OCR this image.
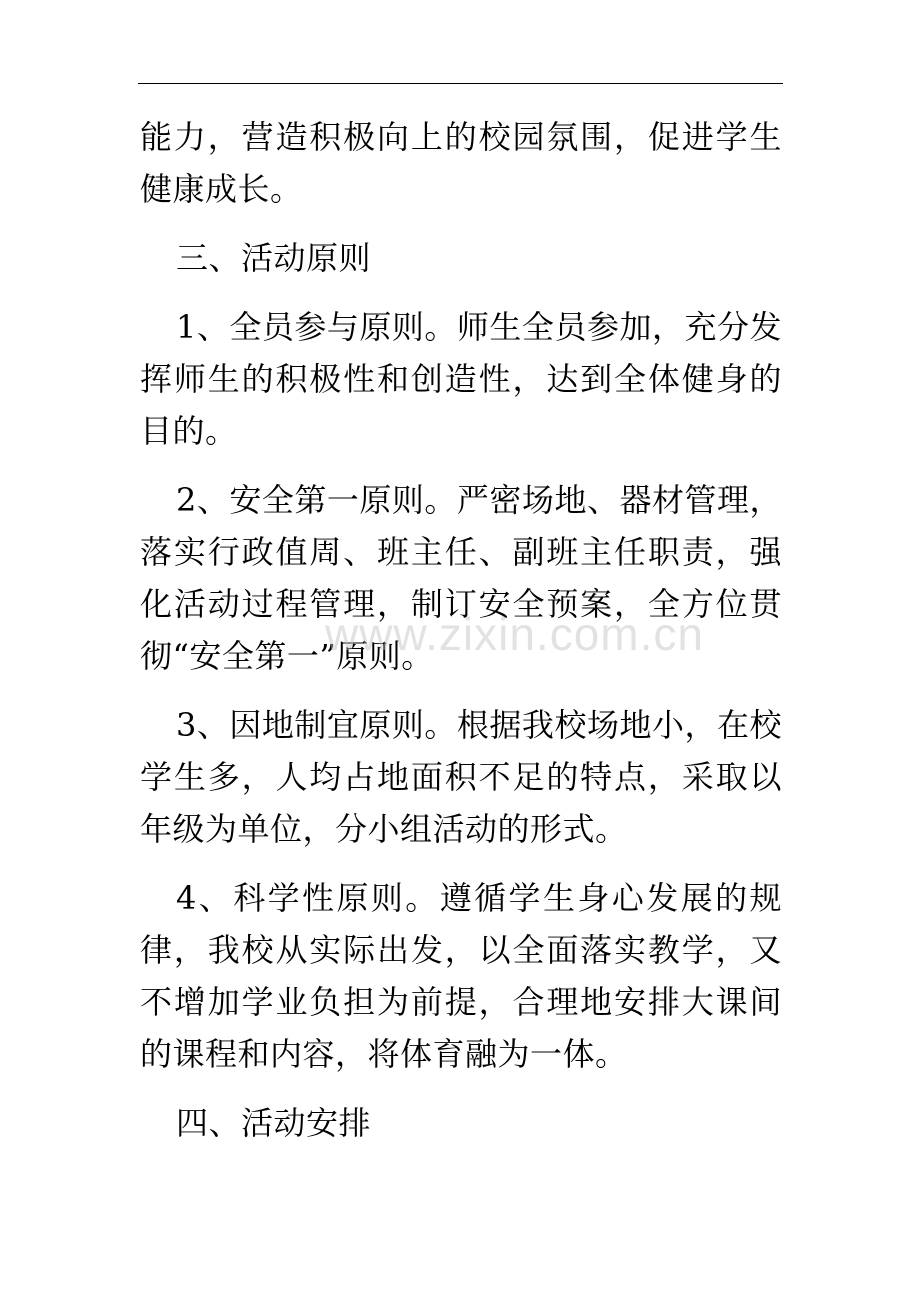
能力，营造积极向上的校园氛围，促进学生健康成长。

三、活动原则

1、全员参与原则。师生全员参加，充分发挥师生的积极性和创造性，达到全体健身的目的。

2、安全第一原则。严密场地、器材管理，落实行政值周、班主任、副班主任职责，强化活动过程管理，制订安全预案，全方位贯彻“安全第一”原则。

3、因地制宜原则。根据我校场地小，在校学生多，人均占地面积不足的特点，采取以年级为单位，分小组活动的形式。

4、科学性原则。遵循学生身心发展的规律，我校从实际出发，以全面落实教学，又不增加学业负担为前提，合理地安排大课间的课程和内容，将体育融为一体。

四、活动安排

www.zixin.com.cn
